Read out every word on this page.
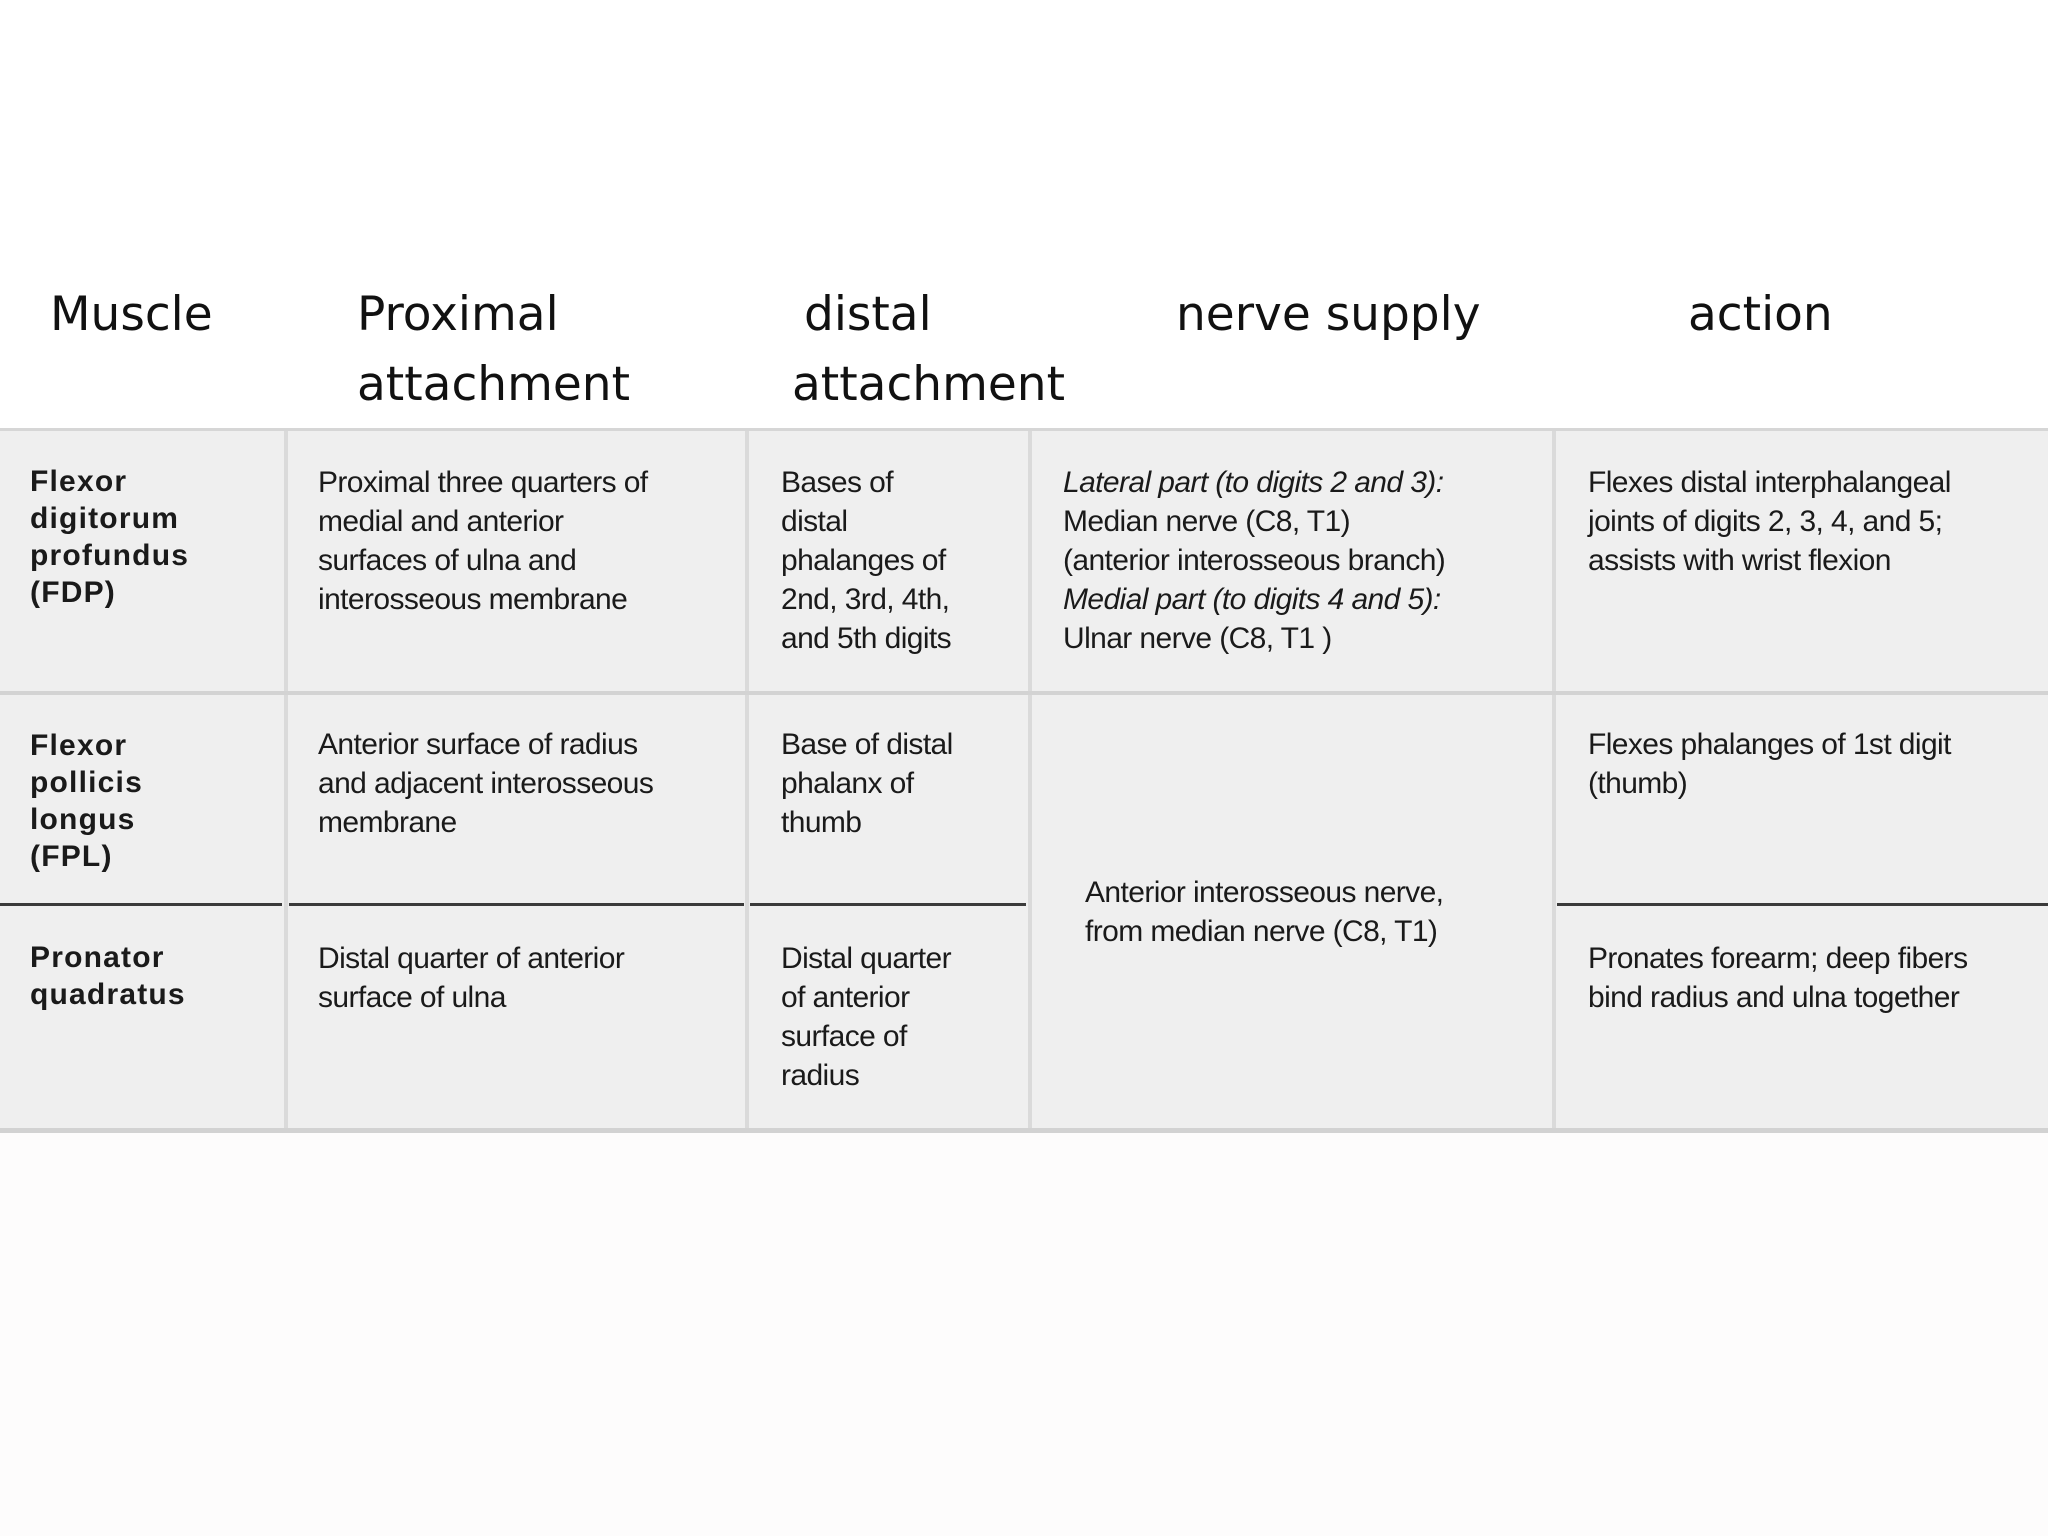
Muscle	Proximal
attachment
distal
attachment
nerve supply	action
Flexor
digitorum
profundus
(FDP)
Proximal three quarters of
medial and anterior
surfaces of ulna and
interosseous membrane
Bases of
distal
phalanges of
2nd, 3rd, 4th,
and 5th digits
Lateral part (to digits 2 and 3):
Median nerve (C8, T1)
(anterior interosseous branch)
Medial part (to digits 4 and 5):
Ulnar nerve (C8, T1 )
Flexes distal interphalangeal
joints of digits 2, 3, 4, and 5;
assists with wrist flexion
Flexor
pollicis
longus
(FPL)
Anterior surface of radius
and adjacent interosseous
membrane
Base of distal
phalanx of
thumb
Anterior interosseous nerve,
from median nerve (C8, T1)
Flexes phalanges of 1st digit
(thumb)
Pronator
quadratus
Distal quarter of anterior
surface of ulna
Distal quarter
of anterior
surface of
radius
Pronates forearm; deep fibers
bind radius and ulna together
